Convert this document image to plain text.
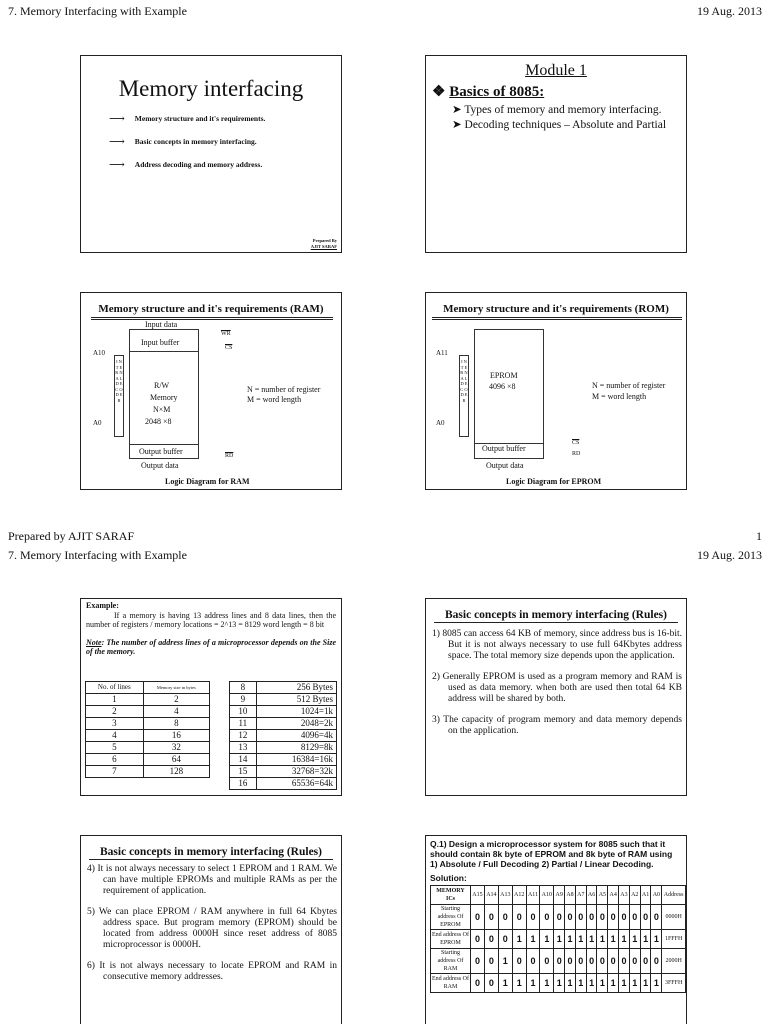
7. Memory Interfacing with Example	19 Aug. 2013
Memory interfacing
⟶ Memory structure and it's requirements.
⟶ Basic concepts in memory interfacing.
⟶ Address decoding and memory address.
Prepared By
AJIT SARAF
Module 1
❖ Basics of 8085:
➤ Types of memory and memory interfacing.
➤ Decoding techniques – Absolute and Partial
Memory structure and it's requirements (RAM)
Input data
Input buffer
$\overline{WR}$
$\overline{CS}$
A10
A0
I N T E R N A L D E C O D E R
R/W
Memory
N×M
2048 ×8
N = number of register
M = word length
Output buffer	$\overline{RD}$
Output data
Logic Diagram for RAM
Memory structure and it's requirements (ROM)
A11
A0
I N T E R N A L D E C O D E R
EPROM
4096 ×8	N = number of register
M = word length
Output buffer
$\overline{CS}$
RD
Output data
Logic Diagram for EPROM
Prepared by AJIT SARAF	1
7. Memory Interfacing with Example	19 Aug. 2013
Example:
If a memory is having 13 address lines and 8 data lines, then the number of registers / memory locations = 2^13 = 8129 word length = 8 bit
Note: The number of address lines of a microprocessor depends on the Size of the memory.
No. of lines	Memory size in bytes
1	2
2	4
3	8
4	16
5	32
6	64
7	128
8	256 Bytes
9	512 Bytes
10	1024=1k
11	2048=2k
12	4096=4k
13	8129=8k
14	16384=16k
15	32768=32k
16	65536=64k
Basic concepts in memory interfacing (Rules)
1) 8085 can access 64 KB of memory, since address bus is 16-bit. But it is not always necessary to use full 64Kbytes address space. The total memory size depends upon the application.
2) Generally EPROM is used as a program memory and RAM is used as data memory. when both are used then total 64 KB address will be shared by both.
3) The capacity of program memory and data memory depends on the application.
Basic concepts in memory interfacing (Rules)
4) It is not always necessary to select 1 EPROM and 1 RAM. We can have multiple EPROMs and multiple RAMs as per the requirement of application.
5) We can place EPROM / RAM anywhere in full 64 Kbytes address space. But program memory (EPROM) should be located from address 0000H since reset address of 8085 microprocessor is 0000H.
6) It is not always necessary to locate EPROM and RAM in consecutive memory addresses.
Q.1) Design a microprocessor system for 8085 such that it should contain 8k byte of EPROM and 8k byte of RAM using 1) Absolute / Full Decoding 2) Partial / Linear Decoding.
Solution:
MEMORY ICs	A15	A14	A13	A12	A11	A10	A9	A8	A7	A6	A5	A4	A3	A2	A1	A0	Address
Starting address Of EPROM	0	0	0	0	0	0	0	0	0	0	0	0	0	0	0	0	0000H
End address Of EPROM	0	0	0	1	1	1	1	1	1	1	1	1	1	1	1	1	1FFFH
Starting address Of RAM	0	0	1	0	0	0	0	0	0	0	0	0	0	0	0	0	2000H
End address Of RAM	0	0	1	1	1	1	1	1	1	1	1	1	1	1	1	1	3FFFH
